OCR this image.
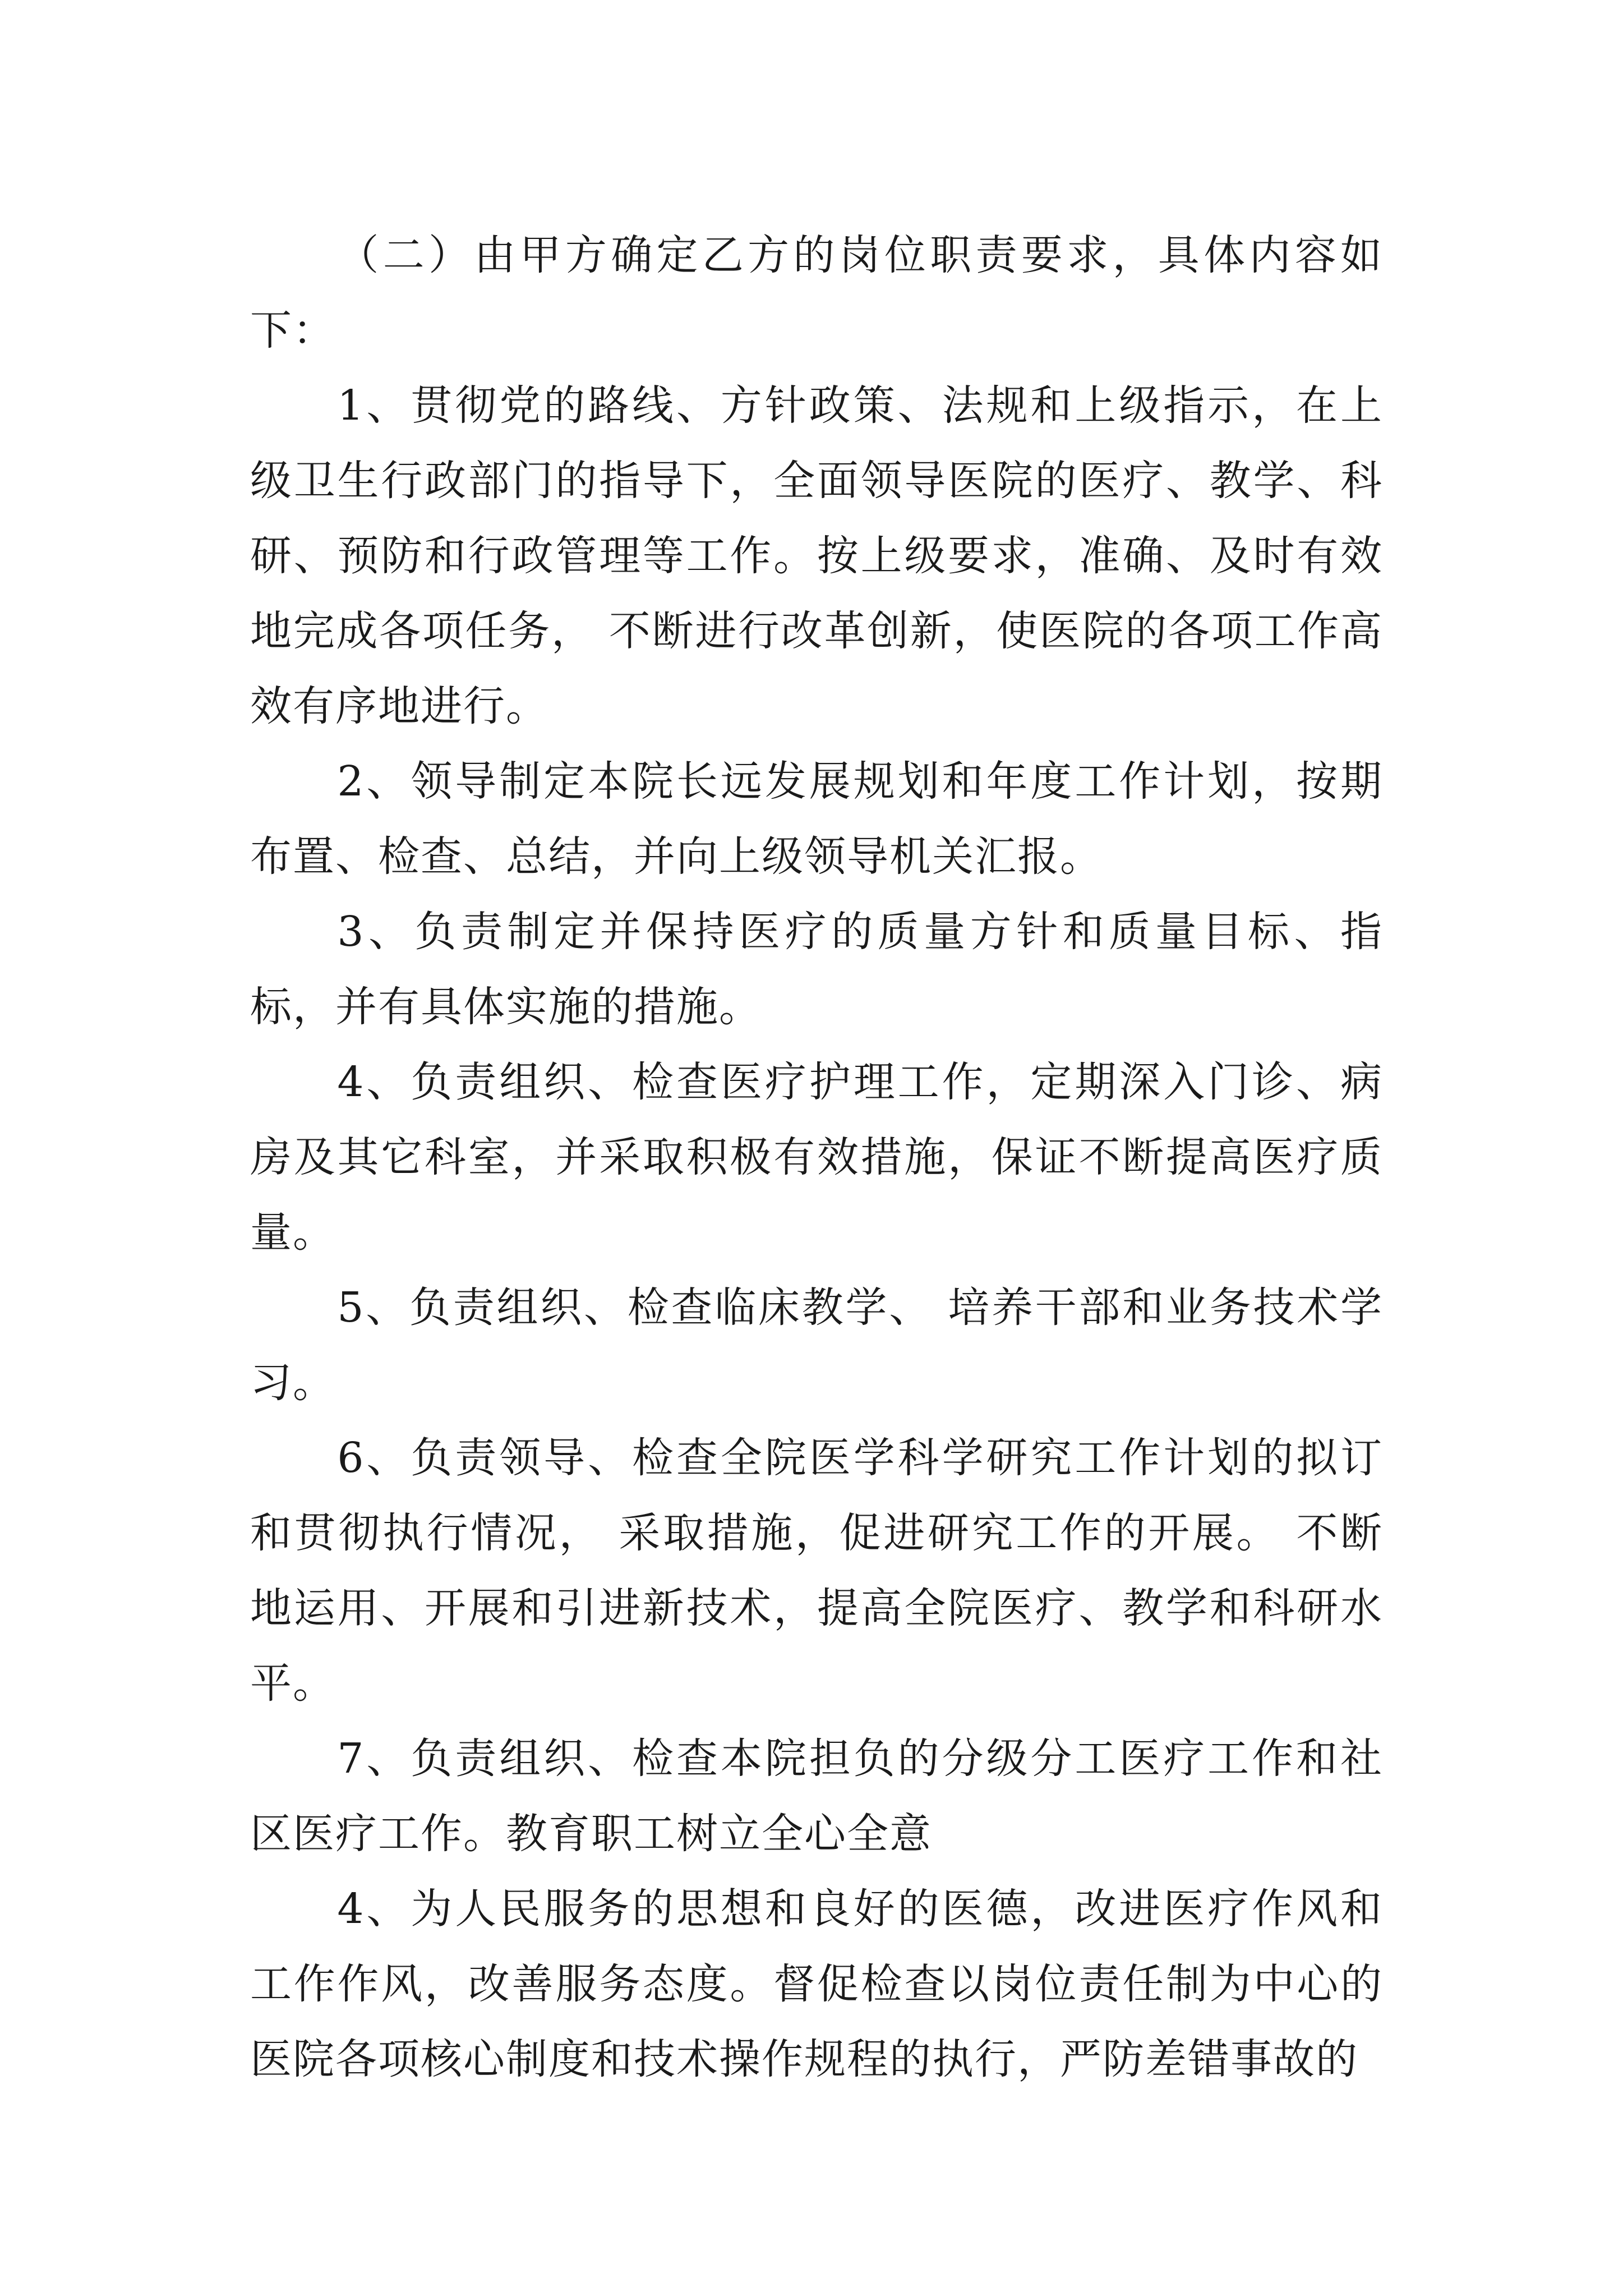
（二）由甲方确定乙方的岗位职责要求，具体内容如下：

1、贯彻党的路线、方针政策、法规和上级指示，在上级卫生行政部门的指导下，全面领导医院的医疗、教学、科研、预防和行政管理等工作。按上级要求，准确、及时有效地完成各项任务， 不断进行改革创新，使医院的各项工作高效有序地进行。

2、领导制定本院长远发展规划和年度工作计划，按期布置、检查、总结，并向上级领导机关汇报。

3、负责制定并保持医疗的质量方针和质量目标、指标，并有具体实施的措施。

4、负责组织、检查医疗护理工作，定期深入门诊、病房及其它科室，并采取积极有效措施，保证不断提高医疗质量。

5、负责组织、检查临床教学、 培养干部和业务技术学习。

6、负责领导、检查全院医学科学研究工作计划的拟订和贯彻执行情况， 采取措施，促进研究工作的开展。 不断地运用、开展和引进新技术，提高全院医疗、教学和科研水平。

7、负责组织、检查本院担负的分级分工医疗工作和社区医疗工作。教育职工树立全心全意

4、为人民服务的思想和良好的医德，改进医疗作风和工作作风，改善服务态度。督促检查以岗位责任制为中心的医院各项核心制度和技术操作规程的执行，严防差错事故的
